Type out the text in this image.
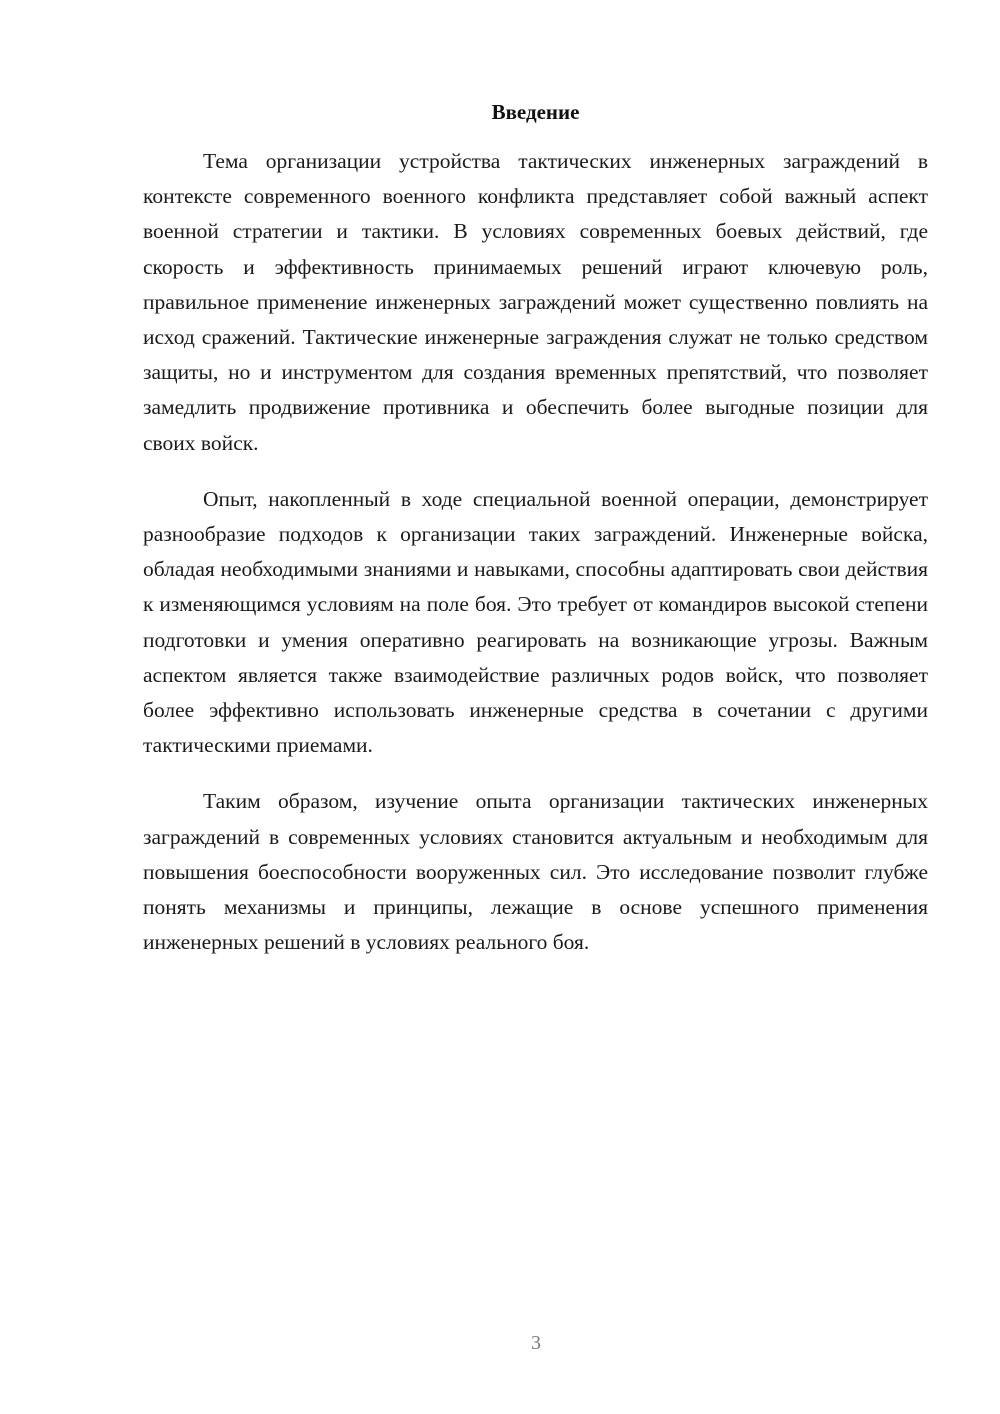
Введение

Тема организации устройства тактических инженерных заграждений в контексте современного военного конфликта представляет собой важный аспект военной стратегии и тактики. В условиях современных боевых действий, где скорость и эффективность принимаемых решений играют ключевую роль, правильное применение инженерных заграждений может существенно повлиять на исход сражений. Тактические инженерные заграждения служат не только средством защиты, но и инструментом для создания временных препятствий, что позволяет замедлить продвижение противника и обеспечить более выгодные позиции для своих войск.

Опыт, накопленный в ходе специальной военной операции, демонстрирует разнообразие подходов к организации таких заграждений. Инженерные войска, обладая необходимыми знаниями и навыками, способны адаптировать свои действия к изменяющимся условиям на поле боя. Это требует от командиров высокой степени подготовки и умения оперативно реагировать на возникающие угрозы. Важным аспектом является также взаимодействие различных родов войск, что позволяет более эффективно использовать инженерные средства в сочетании с другими тактическими приемами.

Таким образом, изучение опыта организации тактических инженерных заграждений в современных условиях становится актуальным и необходимым для повышения боеспособности вооруженных сил. Это исследование позволит глубже понять механизмы и принципы, лежащие в основе успешного применения инженерных решений в условиях реального боя.

3
